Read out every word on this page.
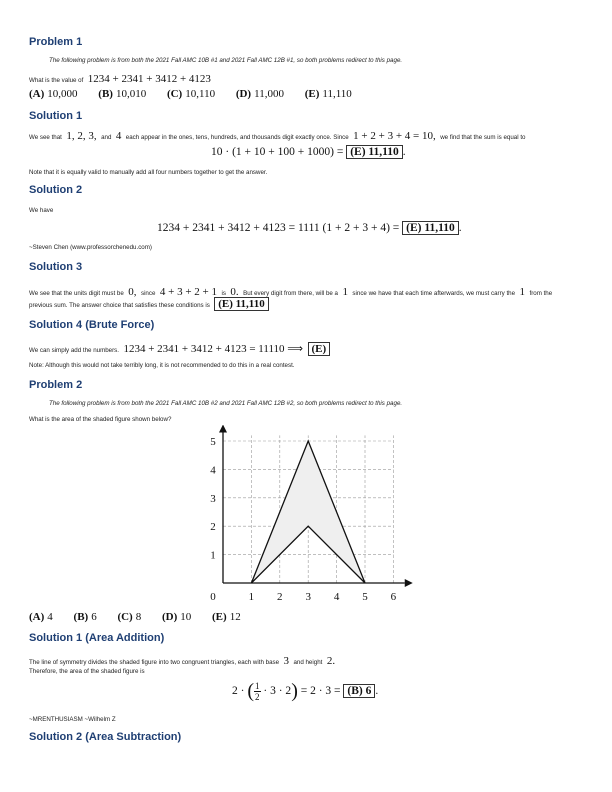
Problem 1
The following problem is from both the 2021 Fall AMC 10B #1 and 2021 Fall AMC 12B #1, so both problems redirect to this page.
What is the value of 1234 + 2341 + 3412 + 4123
(A) 10,000 (B) 10,010 (C) 10,110 (D) 11,000 (E) 11,110
Solution 1
We see that 1, 2, 3, and 4 each appear in the ones, tens, hundreds, and thousands digit exactly once. Since 1 + 2 + 3 + 4 = 10, we find that the sum is equal to
10 · (1 + 10 + 100 + 1000) = (E) 11,110 .
Note that it is equally valid to manually add all four numbers together to get the answer.
Solution 2
We have
1234 + 2341 + 3412 + 4123 = 1111 (1 + 2 + 3 + 4) = (E) 11,110 .
~Steven Chen (www.professorchenedu.com)
Solution 3
We see that the units digit must be 0, since 4 + 3 + 2 + 1 is 0. But every digit from there, will be a 1 since we have that each time afterwards, we must carry the 1 from the
previous sum. The answer choice that satisfies these conditions is (E) 11,110
Solution 4 (Brute Force)
We can simply add the numbers. 1234 + 2341 + 3412 + 4123 = 11110 ⟹ (E)
Note: Although this would not take terribly long, it is not recommended to do this in a real contest.
Problem 2
The following problem is from both the 2021 Fall AMC 10B #2 and 2021 Fall AMC 12B #2, so both problems redirect to this page.
What is the area of the shaded figure shown below?
(A) 4 (B) 6 (C) 8 (D) 10 (E) 12
Solution 1 (Area Addition)
The line of symmetry divides the shaded figure into two congruent triangles, each with base 3 and height 2.
Therefore, the area of the shaded figure is
2 · ( $\frac{1}{2} \cdot 3 \cdot 2) = 2 \cdot 3 = (B)$ 6 .
~MRENTHUSIASM ~Wilhelm Z
Solution 2 (Area Subtraction)
0	1 2 3 4 5 6
1
2
3
4
5
